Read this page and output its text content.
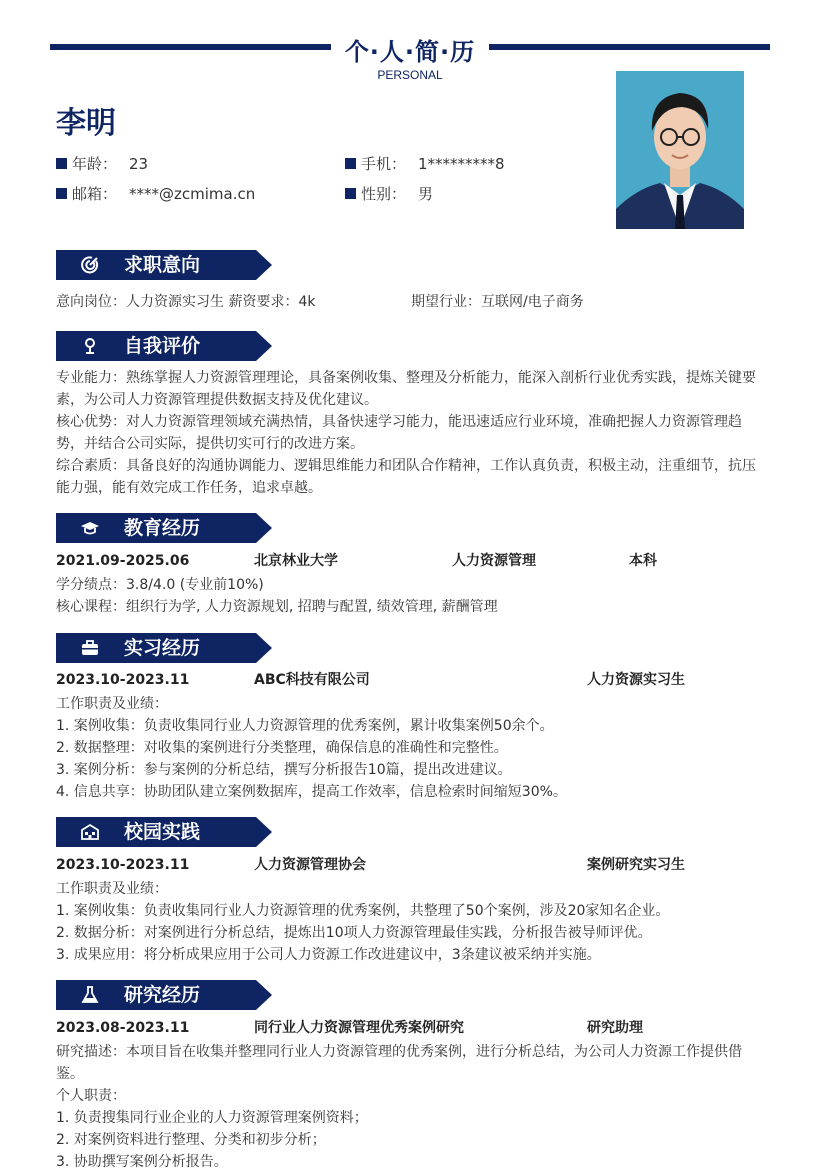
个·人·简·历
PERSONAL
李明
年龄： 23	手机： 1*********8
邮箱： ****@zcmima.cn	性别： 男
求职意向
意向岗位：人力资源实习生 薪资要求：4k	期望行业：互联网/电子商务
自我评价

专业能力：熟练掌握人力资源管理理论，具备案例收集、整理及分析能力，能深入剖析行业优秀实践，提炼关键要素，为公司人力资源管理提供数据支持及优化建议。

核心优势：对人力资源管理领域充满热情，具备快速学习能力，能迅速适应行业环境，准确把握人力资源管理趋势，并结合公司实际，提供切实可行的改进方案。

综合素质：具备良好的沟通协调能力、逻辑思维能力和团队合作精神，工作认真负责，积极主动，注重细节，抗压能力强，能有效完成工作任务，追求卓越。

教育经历
2021.09-2025.06	北京林业大学	人力资源管理	本科

学分绩点：3.8/4.0 (专业前10%)

核心课程：组织行为学, 人力资源规划, 招聘与配置, 绩效管理, 薪酬管理

实习经历
2023.10-2023.11	ABC科技有限公司	人力资源实习生

工作职责及业绩：

1. 案例收集：负责收集同行业人力资源管理的优秀案例，累计收集案例50余个。

2. 数据整理：对收集的案例进行分类整理，确保信息的准确性和完整性。

3. 案例分析：参与案例的分析总结，撰写分析报告10篇，提出改进建议。

4. 信息共享：协助团队建立案例数据库，提高工作效率，信息检索时间缩短30%。

校园实践
2023.10-2023.11	人力资源管理协会	案例研究实习生

工作职责及业绩：

1. 案例收集：负责收集同行业人力资源管理的优秀案例，共整理了50个案例，涉及20家知名企业。

2. 数据分析：对案例进行分析总结，提炼出10项人力资源管理最佳实践，分析报告被导师评优。

3. 成果应用：将分析成果应用于公司人力资源工作改进建议中，3条建议被采纳并实施。

研究经历
2023.08-2023.11	同行业人力资源管理优秀案例研究	研究助理

研究描述：本项目旨在收集并整理同行业人力资源管理的优秀案例，进行分析总结，为公司人力资源工作提供借鉴。

个人职责：

1. 负责搜集同行业企业的人力资源管理案例资料；

2. 对案例资料进行整理、分类和初步分析；

3. 协助撰写案例分析报告。
